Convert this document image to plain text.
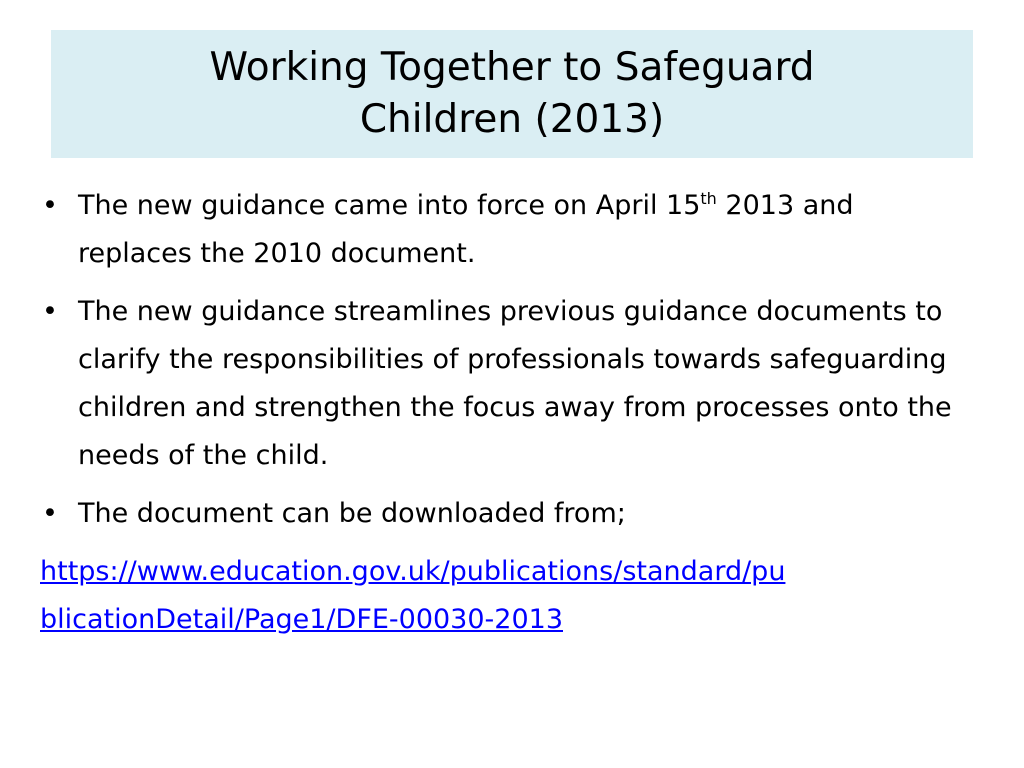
Working Together to Safeguard
Children (2013)
• The new guidance came into force on April 15th 2013 and replaces the 2010 document.
• The new guidance streamlines previous guidance documents to clarify the responsibilities of professionals towards safeguarding children and strengthen the focus away from processes onto the needs of the child.
• The document can be downloaded from;

https://www.education.gov.uk/publications/standard/pu
blicationDetail/Page1/DFE-00030-2013
